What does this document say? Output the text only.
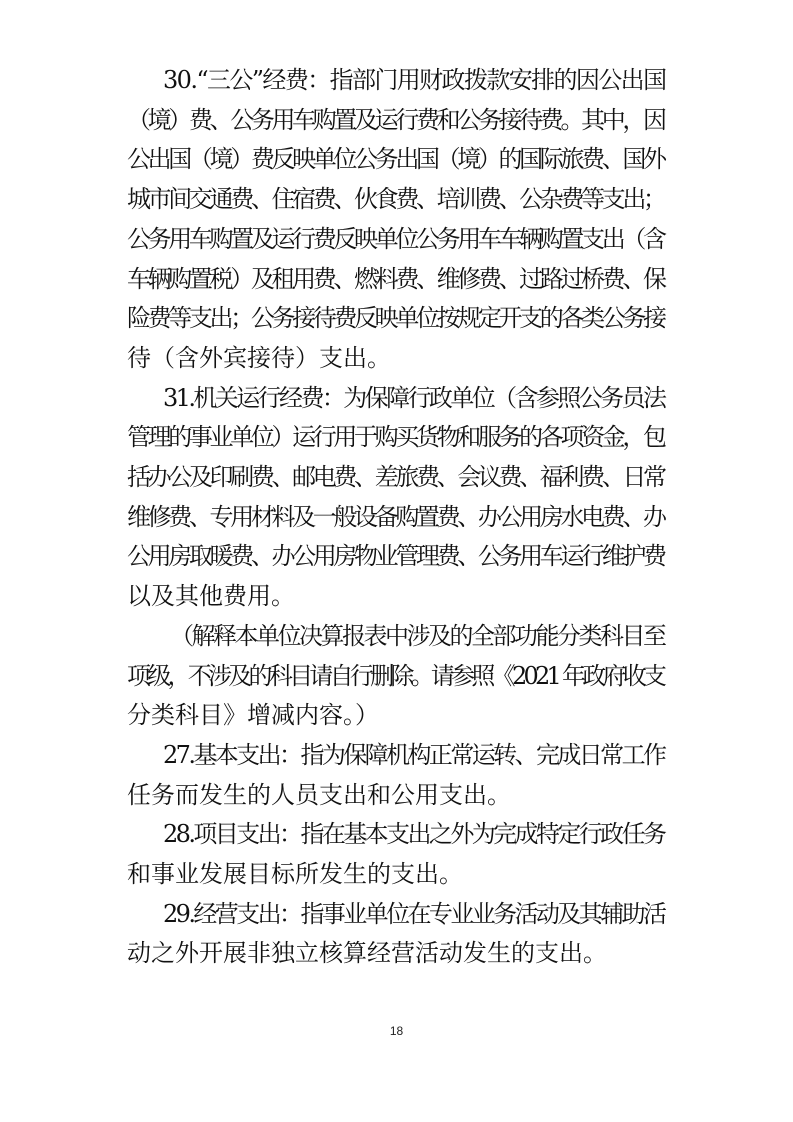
30.“三公”经费：指部门用财政拨款安排的因公出国
（境）费、公务用车购置及运行费和公务接待费。其中，因
公出国（境）费反映单位公务出国（境）的国际旅费、国外
城市间交通费、住宿费、伙食费、培训费、公杂费等支出；
公务用车购置及运行费反映单位公务用车车辆购置支出（含
车辆购置税）及租用费、燃料费、维修费、过路过桥费、保
险费等支出；公务接待费反映单位按规定开支的各类公务接
待（含外宾接待）支出。
31.机关运行经费：为保障行政单位（含参照公务员法
管理的事业单位）运行用于购买货物和服务的各项资金，包
括办公及印刷费、邮电费、差旅费、会议费、福利费、日常
维修费、专用材料及一般设备购置费、办公用房水电费、办
公用房取暖费、办公用房物业管理费、公务用车运行维护费
以及其他费用。
（解释本单位决算报表中涉及的全部功能分类科目至
项级，不涉及的科目请自行删除。请参照《2021 年政府收支
分类科目》增减内容。）
27.基本支出：指为保障机构正常运转、完成日常工作
任务而发生的人员支出和公用支出。
28.项目支出：指在基本支出之外为完成特定行政任务
和事业发展目标所发生的支出。
29.经营支出：指事业单位在专业业务活动及其辅助活
动之外开展非独立核算经营活动发生的支出。
18
